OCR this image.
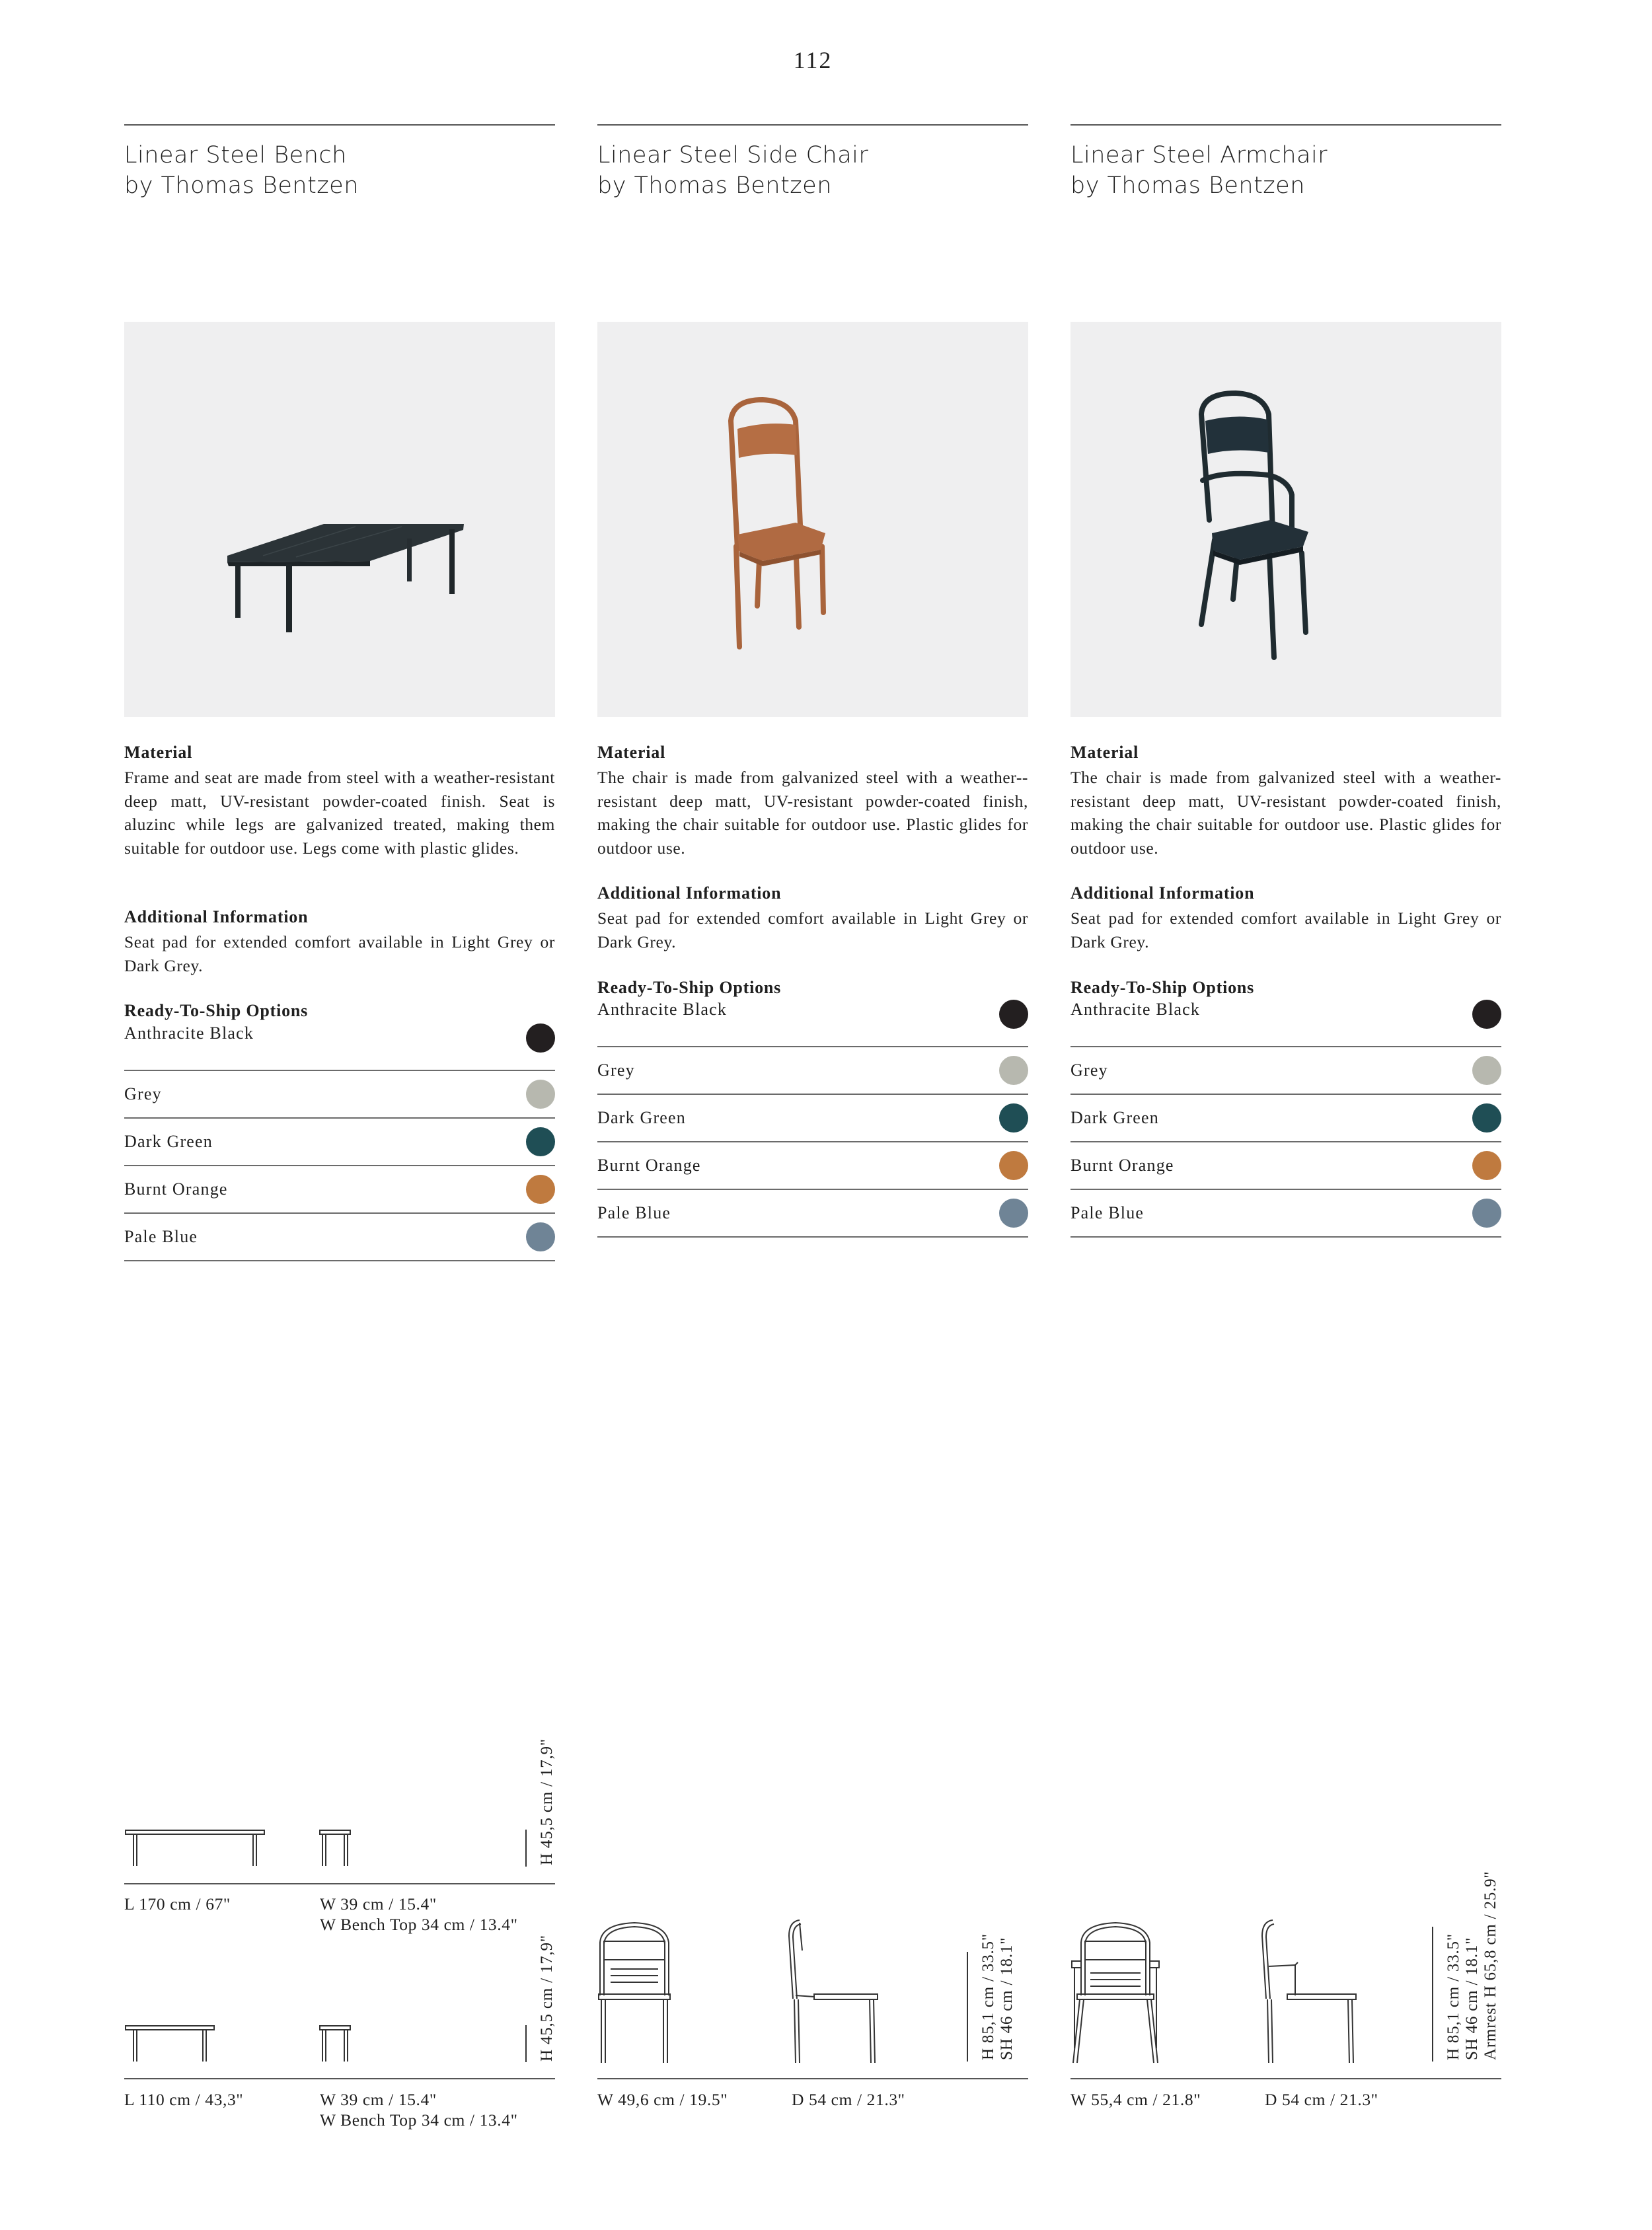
112
Linear Steel Bench
by Thomas Bentzen
Material
Frame and seat are made from steel with a weather-resistant deep matt, UV-resistant powder-coated finish. Seat is aluzinc while legs are galvanized treated, making them suitable for outdoor use. Legs come with plastic glides.
Additional Information
Seat pad for extended comfort available in Light Grey or Dark Grey.
Ready-To-Ship Options
Anthracite Black
Grey
Dark Green
Burnt Orange
Pale Blue
H 45,5 cm / 17,9"
L 170 cm / 67"	W 39 cm / 15.4"
W Bench Top 34 cm / 13.4"
H 45,5 cm / 17,9"
L 110 cm / 43,3"	W 39 cm / 15.4"
W Bench Top 34 cm / 13.4"
Linear Steel Side Chair
by Thomas Bentzen
Material
The chair is made from galvanized steel with a weather--resistant deep matt, UV-resistant powder-coated finish, making the chair suitable for outdoor use. Plastic glides for outdoor use.
Additional Information
Seat pad for extended comfort available in Light Grey or Dark Grey.
Ready-To-Ship Options
Anthracite Black
Grey
Dark Green
Burnt Orange
Pale Blue
H 85,1 cm / 33.5" SH 46 cm / 18.1"
W 49,6 cm / 19.5"	D 54 cm / 21.3"
Linear Steel Armchair
by Thomas Bentzen
Material
The chair is made from galvanized steel with a weather-resistant deep matt, UV-resistant powder-coated finish, making the chair suitable for outdoor use. Plastic glides for outdoor use.
Additional Information
Seat pad for extended comfort available in Light Grey or Dark Grey.
Ready-To-Ship Options
Anthracite Black
Grey
Dark Green
Burnt Orange
Pale Blue
H 85,1 cm / 33.5" SH 46 cm / 18.1" Armrest H 65,8 cm / 25.9"
W 55,4 cm / 21.8"	D 54 cm / 21.3"
